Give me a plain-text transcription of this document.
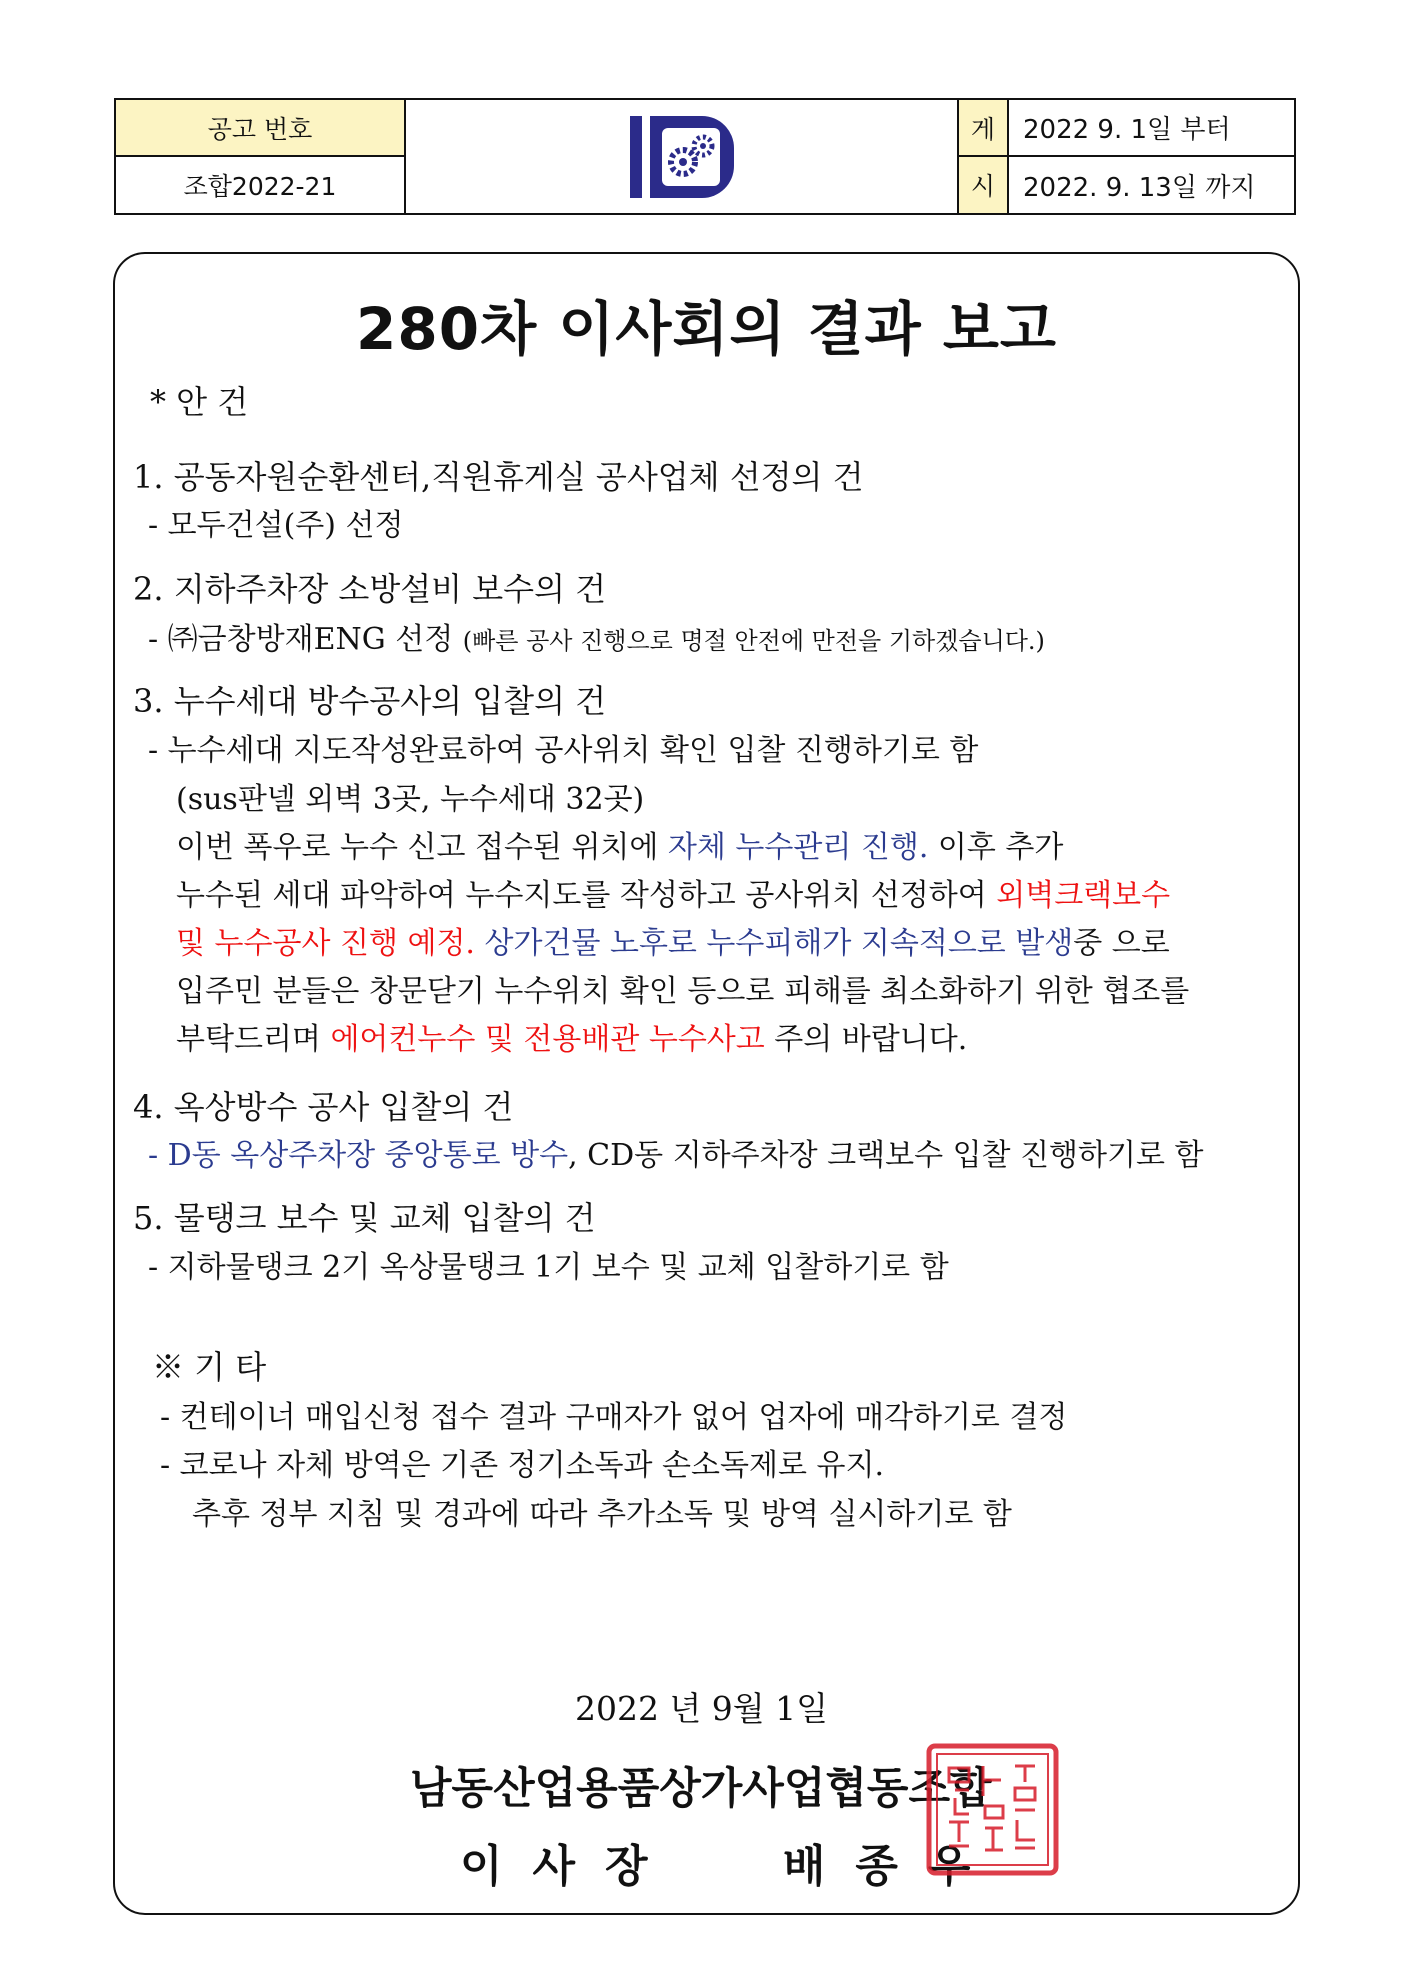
공고 번호
조합2022-21
게
시
2022 9. 1일 부터
2022. 9. 13일 까지
280차 이사회의 결과 보고
* 안 건
1. 공동자원순환센터,직원휴게실 공사업체 선정의 건
- 모두건설(주) 선정
2. 지하주차장 소방설비 보수의 건
- ㈜금창방재ENG 선정 (빠른 공사 진행으로 명절 안전에 만전을 기하겠습니다.)
3. 누수세대 방수공사의 입찰의 건
- 누수세대 지도작성완료하여 공사위치 확인 입찰 진행하기로 함
(sus판넬 외벽 3곳, 누수세대 32곳)
이번 폭우로 누수 신고 접수된 위치에 자체 누수관리 진행. 이후 추가
누수된 세대 파악하여 누수지도를 작성하고 공사위치 선정하여 외벽크랙보수
및 누수공사 진행 예정. 상가건물 노후로 누수피해가 지속적으로 발생중 으로
입주민 분들은 창문닫기 누수위치 확인 등으로 피해를 최소화하기 위한 협조를
부탁드리며 에어컨누수 및 전용배관 누수사고 주의 바랍니다.
4. 옥상방수 공사 입찰의 건
- D동 옥상주차장 중앙통로 방수, CD동 지하주차장 크랙보수 입찰 진행하기로 함
5. 물탱크 보수 및 교체 입찰의 건
- 지하물탱크 2기 옥상물탱크 1기 보수 및 교체 입찰하기로 함
※ 기 타
- 컨테이너 매입신청 접수 결과 구매자가 없어 업자에 매각하기로 결정
- 코로나 자체 방역은 기존 정기소독과 손소독제로 유지.
추후 정부 지침 및 경과에 따라 추가소독 및 방역 실시하기로 함
2022 년 9월 1일
남동산업용품상가사업협동조합
이사장 배종우
